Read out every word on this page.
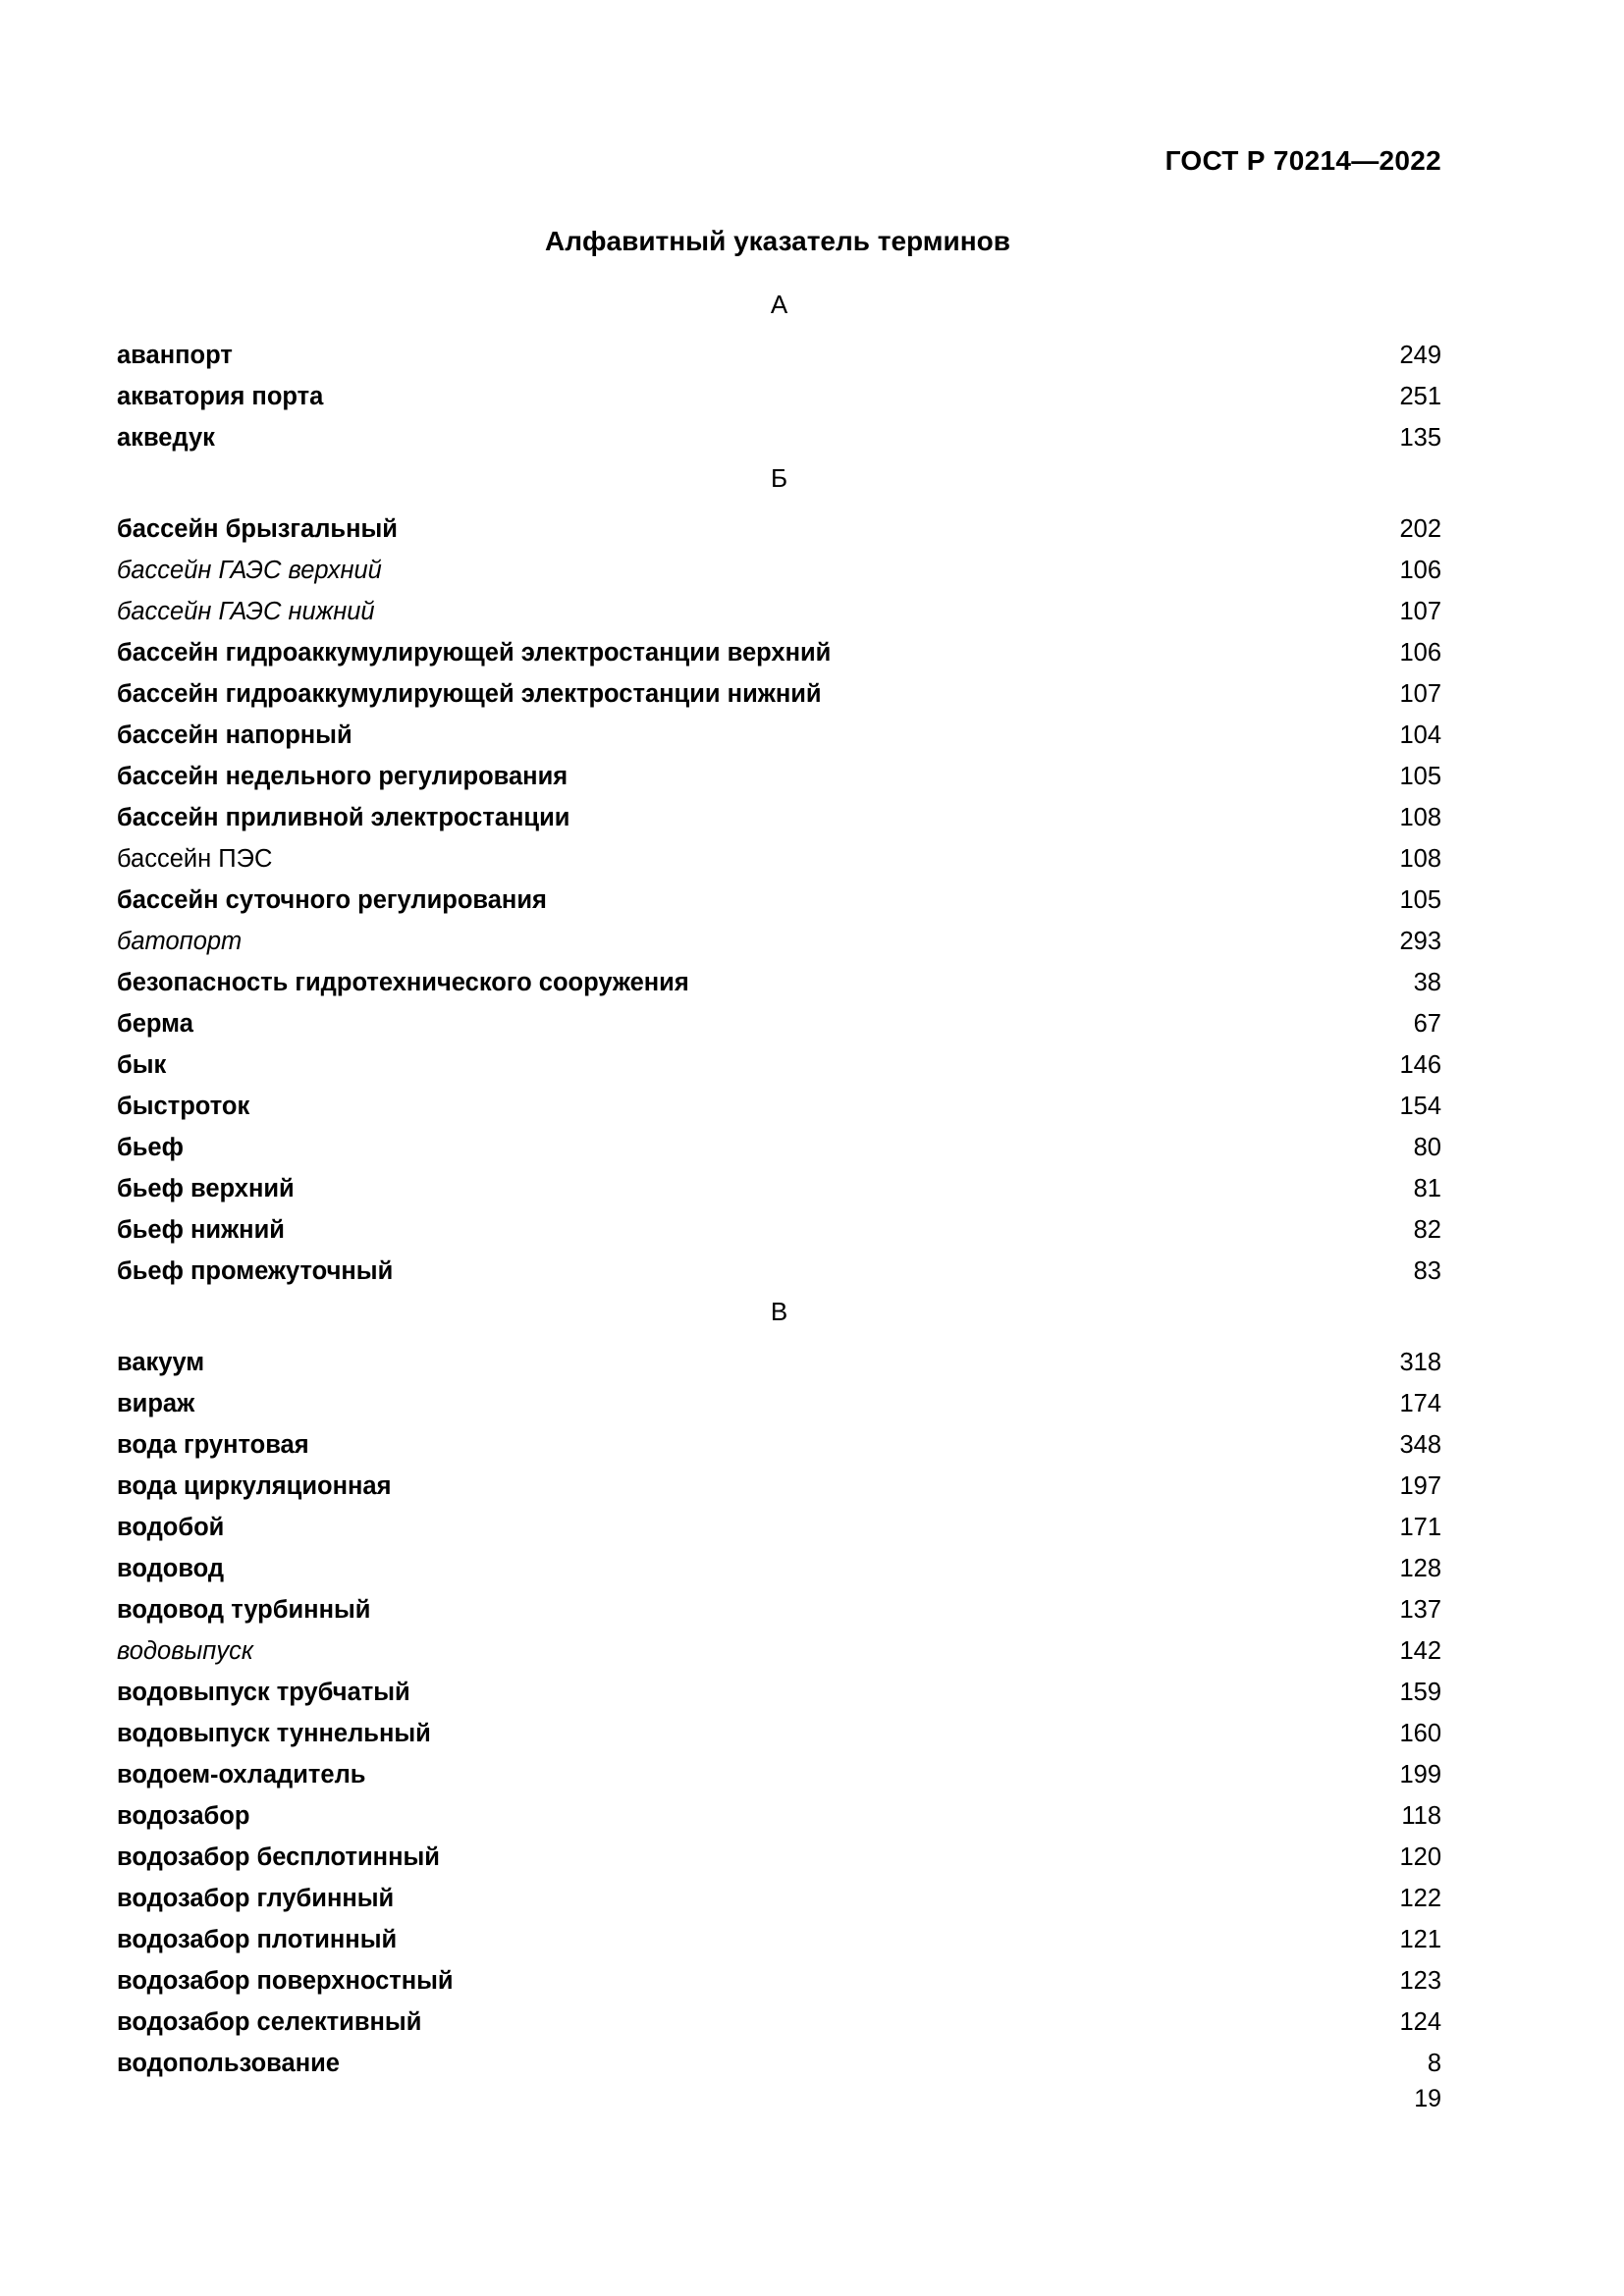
ГОСТ Р 70214—2022
Алфавитный указатель терминов
А
аванпорт	249
акватория порта	251
акведук	135
Б
бассейн брызгальный	202
бассейн ГАЭС верхний	106
бассейн ГАЭС нижний	107
бассейн гидроаккумулирующей электростанции верхний	106
бассейн гидроаккумулирующей электростанции нижний	107
бассейн напорный	104
бассейн недельного регулирования	105
бассейн приливной электростанции	108
бассейн ПЭС	108
бассейн суточного регулирования	105
батопорт	293
безопасность гидротехнического сооружения	38
берма	67
бык	146
быстроток	154
бьеф	80
бьеф верхний	81
бьеф нижний	82
бьеф промежуточный	83
В
вакуум	318
вираж	174
вода грунтовая	348
вода циркуляционная	197
водобой	171
водовод	128
водовод турбинный	137
водовыпуск	142
водовыпуск трубчатый	159
водовыпуск туннельный	160
водоем-охладитель	199
водозабор	118
водозабор бесплотинный	120
водозабор глубинный	122
водозабор плотинный	121
водозабор поверхностный	123
водозабор селективный	124
водопользование	8
19
